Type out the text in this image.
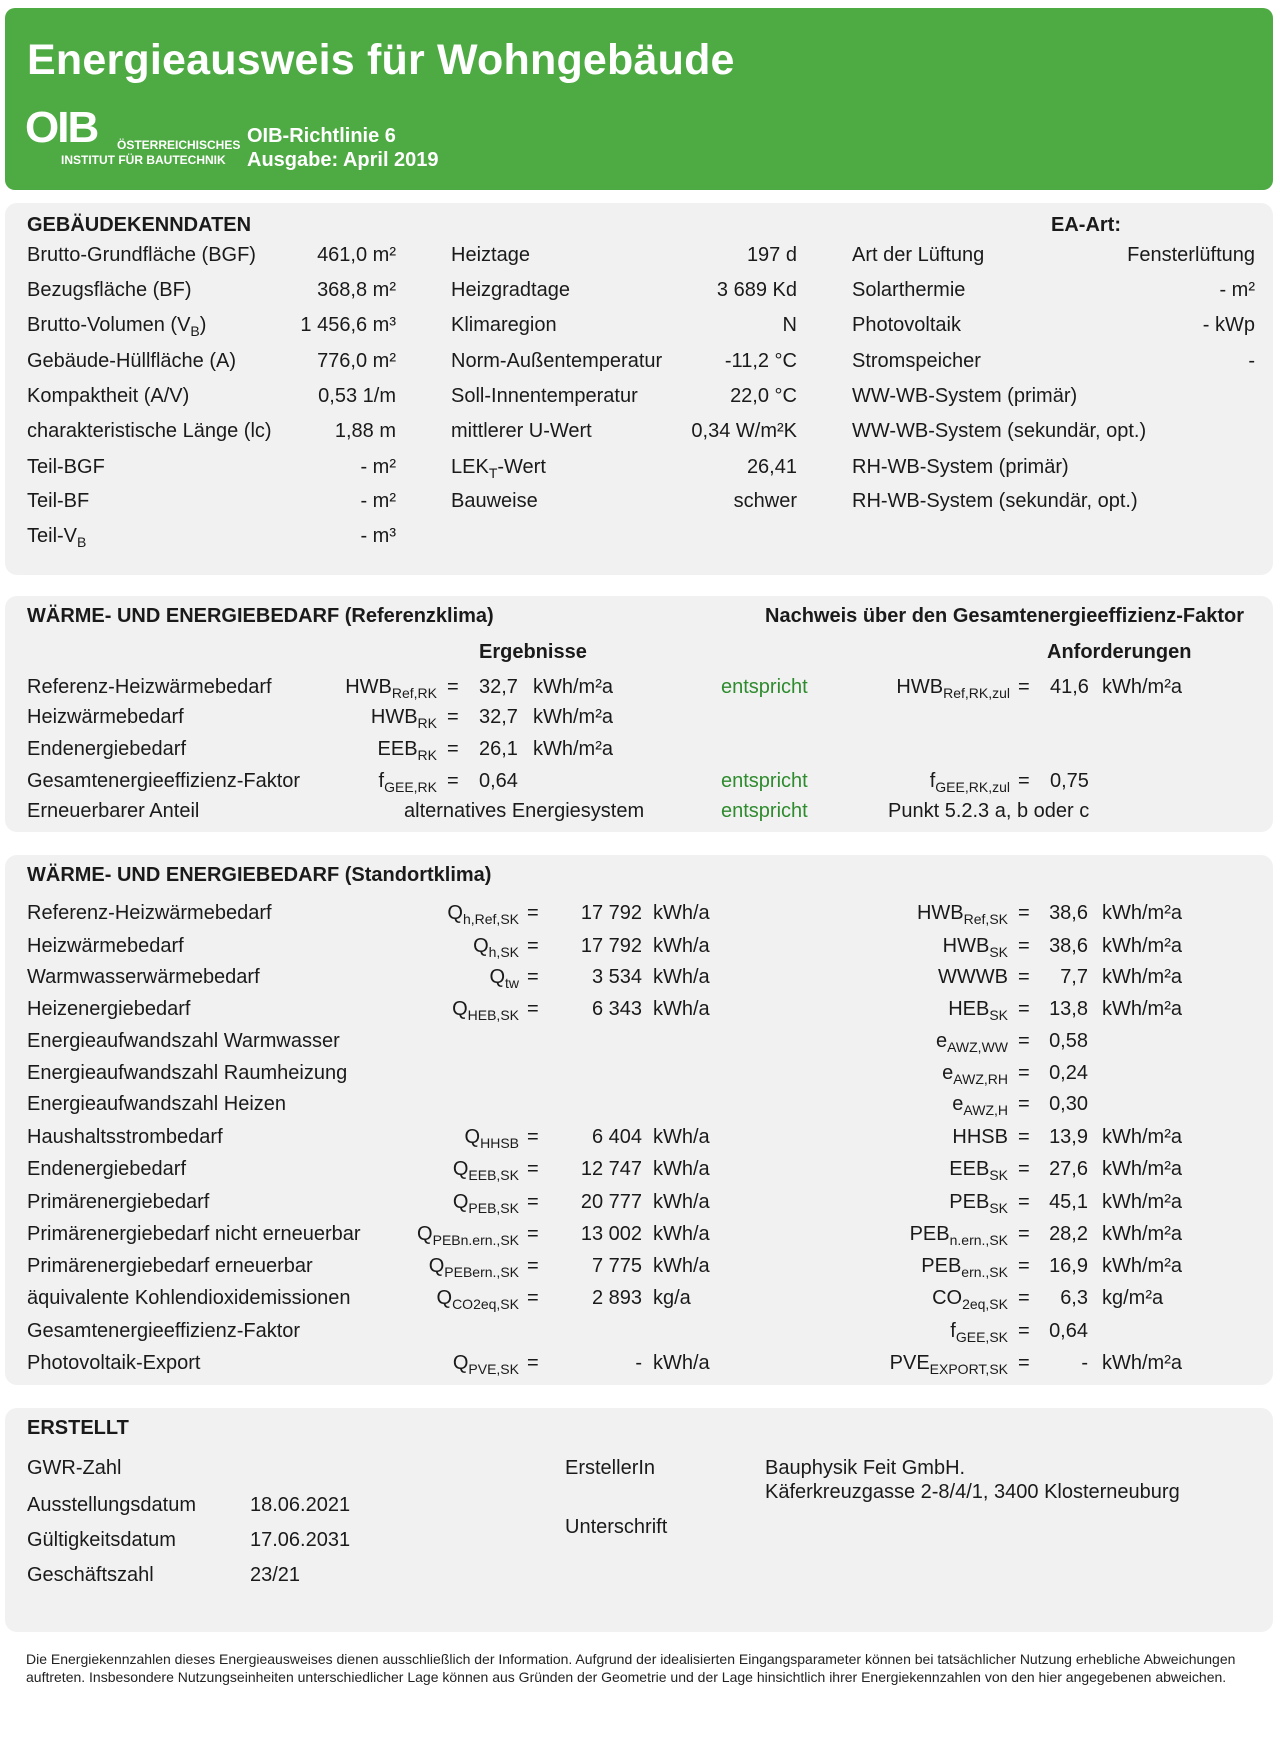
Energieausweis für Wohngebäude
OIB	ÖSTERREICHISCHES
INSTITUT FÜR BAUTECHNIK
OIB-Richtlinie 6
Ausgabe: April 2019
GEBÄUDEKENNDATEN	EA-Art:
Brutto-Grundfläche (BGF)	461,0 m²
Bezugsfläche (BF)	368,8 m²
Brutto-Volumen $(V_B)$	1 456,6 m³
Gebäude-Hüllfläche (A)	776,0 m²
Kompaktheit (A/V)	0,53 1/m
charakteristische Länge (lc)	1,88 m
Teil-BGF	- m²
Teil-BF	- m²
Teil-$V_B$	- m³
Heiztage	197 d
Heizgradtage	3 689 Kd
Klimaregion	N
Norm-Außentemperatur	-11,2 °C
Soll-Innentemperatur	22,0 °C
mittlerer U-Wert	0,34 W/m²K
$LEK_T$-Wert	26,41
Bauweise	schwer
Art der Lüftung	Fensterlüftung
Solarthermie	- m²
Photovoltaik	- kWp
Stromspeicher	-
WW-WB-System (primär)
WW-WB-System (sekundär, opt.)
RH-WB-System (primär)
RH-WB-System (sekundär, opt.)
WÄRME- UND ENERGIEBEDARF (Referenzklima)	Nachweis über den Gesamtenergieeffizienz-Faktor
Ergebnisse	Anforderungen
Referenz-Heizwärmebedarf	$HWB_{Ref,RK} = 32,7$ kWh/m²a	entspricht	$HWB_{Ref,RK,zul} = 41,6$ kWh/m²a
Heizwärmebedarf	$HWB_{RK} = 32,7$ kWh/m²a
Endenergiebedarf	$EEB_{RK} = 26,1$ kWh/m²a
Gesamtenergieeffizienz-Faktor	$f_{GEE,RK} = 0,64$	entspricht	$f_{GEE,RK,zul} = 0,75$
Erneuerbarer Anteil	alternatives Energiesystem	entspricht	Punkt 5.2.3 a, b oder c
WÄRME- UND ENERGIEBEDARF (Standortklima)
Referenz-Heizwärmebedarf	$Q_{h,Ref,SK}$ =	17 792 kWh/a	$HWB_{Ref,SK} = 38,6$ kWh/m²a
Heizwärmebedarf	$Q_{h,SK}$ =	17 792 kWh/a	$HWB_{SK} = 38,6$ kWh/m²a
Warmwasserwärmebedarf	$Q_{tw}$ =	3 534 kWh/a	WWWB =	7,7 kWh/m²a
Heizenergiebedarf	$Q_{HEB,SK}$ =	6 343 kWh/a	$HEB_{SK} = 13,8$ kWh/m²a
Energieaufwandszahl Warmwasser	$e_{AWZ,WW} = 0,58$
Energieaufwandszahl Raumheizung	$e_{AWZ,RH} = 0,24$
Energieaufwandszahl Heizen	$e_{AWZ,H} = 0,30$
Haushaltsstrombedarf	$Q_{HHSB}$ =	6 404 kWh/a	HHSB = 13,9 kWh/m²a
Endenergiebedarf	$Q_{EEB,SK}$ =	12 747 kWh/a	$EEB_{SK} = 27,6$ kWh/m²a
Primärenergiebedarf	$Q_{PEB,SK}$ =	20 777 kWh/a	$PEB_{SK} = 45,1$ kWh/m²a
Primärenergiebedarf nicht erneuerbar	$Q_{PEBn.ern.,SK}$ =	13 002 kWh/a	$PEB_{n.ern.,SK} = 28,2$ kWh/m²a
Primärenergiebedarf erneuerbar	$Q_{PEBern.,SK}$ =	7 775 kWh/a	$PEB_{ern.,SK} = 16,9$ kWh/m²a
äquivalente Kohlendioxidemissionen	$Q_{CO2eq,SK}$ =	2 893 kg/a	$CO_{2eq,SK}$ =	6,3 kg/m²a
Gesamtenergieeffizienz-Faktor	$f_{GEE,SK} = 0,64$
Photovoltaik-Export	$Q_{PVE,SK}$ =	- kWh/a	$PVE_{EXPORT,SK}$ =	- kWh/m²a
ERSTELLT
GWR-Zahl
Ausstellungsdatum	18.06.2021
Gültigkeitsdatum	17.06.2031
Geschäftszahl	23/21
ErstellerIn	Bauphysik Feit GmbH.
Käferkreuzgasse 2-8/4/1, 3400 Klosterneuburg
Unterschrift
Die Energiekennzahlen dieses Energieausweises dienen ausschließlich der Information. Aufgrund der idealisierten Eingangsparameter können bei tatsächlicher Nutzung erhebliche Abweichungen auftreten. Insbesondere Nutzungseinheiten unterschiedlicher Lage können aus Gründen der Geometrie und der Lage hinsichtlich ihrer Energiekennzahlen von den hier angegebenen abweichen.
